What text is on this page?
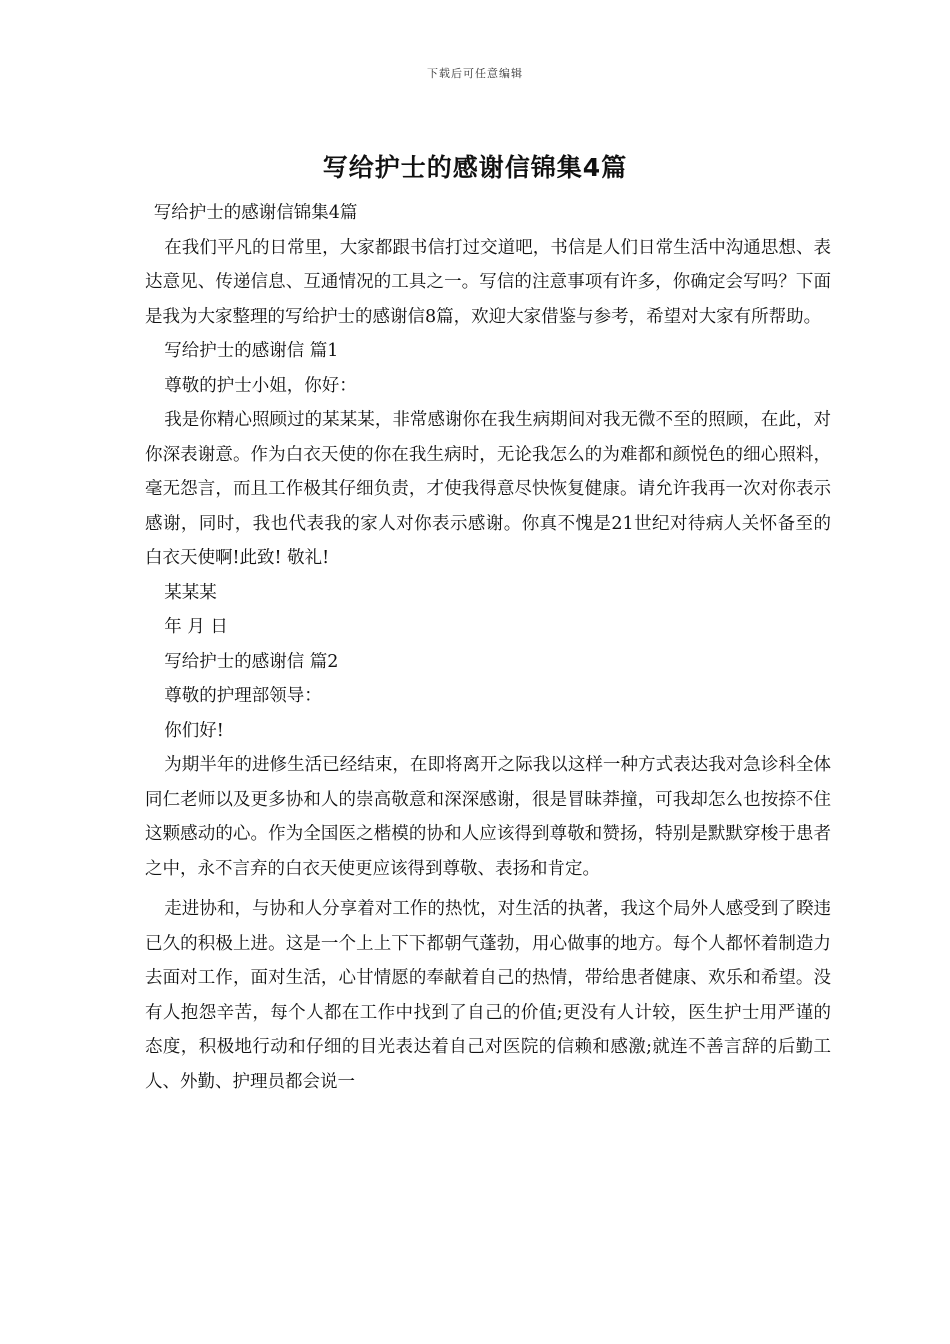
下载后可任意编辑
写给护士的感谢信锦集4篇

写给护士的感谢信锦集4篇

在我们平凡的日常里，大家都跟书信打过交道吧，书信是人们日常生活中沟通思想、表达意见、传递信息、互通情况的工具之一。写信的注意事项有许多，你确定会写吗？下面是我为大家整理的写给护士的感谢信8篇，欢迎大家借鉴与参考，希望对大家有所帮助。

写给护士的感谢信 篇1

尊敬的护士小姐，你好：

我是你精心照顾过的某某某，非常感谢你在我生病期间对我无微不至的照顾，在此，对你深表谢意。作为白衣天使的你在我生病时，无论我怎么的为难都和颜悦色的细心照料，毫无怨言，而且工作极其仔细负责，才使我得意尽快恢复健康。请允许我再一次对你表示感谢，同时，我也代表我的家人对你表示感谢。你真不愧是21世纪对待病人关怀备至的白衣天使啊!此致! 敬礼!

某某某

年 月 日

写给护士的感谢信 篇2

尊敬的护理部领导：

你们好!

为期半年的进修生活已经结束，在即将离开之际我以这样一种方式表达我对急诊科全体同仁老师以及更多协和人的崇高敬意和深深感谢，很是冒昧莽撞，可我却怎么也按捺不住这颗感动的心。作为全国医之楷模的协和人应该得到尊敬和赞扬，特别是默默穿梭于患者之中，永不言弃的白衣天使更应该得到尊敬、表扬和肯定。

走进协和，与协和人分享着对工作的热忱，对生活的执著，我这个局外人感受到了睽违已久的积极上进。这是一个上上下下都朝气蓬勃，用心做事的地方。每个人都怀着制造力去面对工作，面对生活，心甘情愿的奉献着自己的热情，带给患者健康、欢乐和希望。没有人抱怨辛苦，每个人都在工作中找到了自己的价值;更没有人计较，医生护士用严谨的态度，积极地行动和仔细的目光表达着自己对医院的信赖和感激;就连不善言辞的后勤工人、外勤、护理员都会说一
